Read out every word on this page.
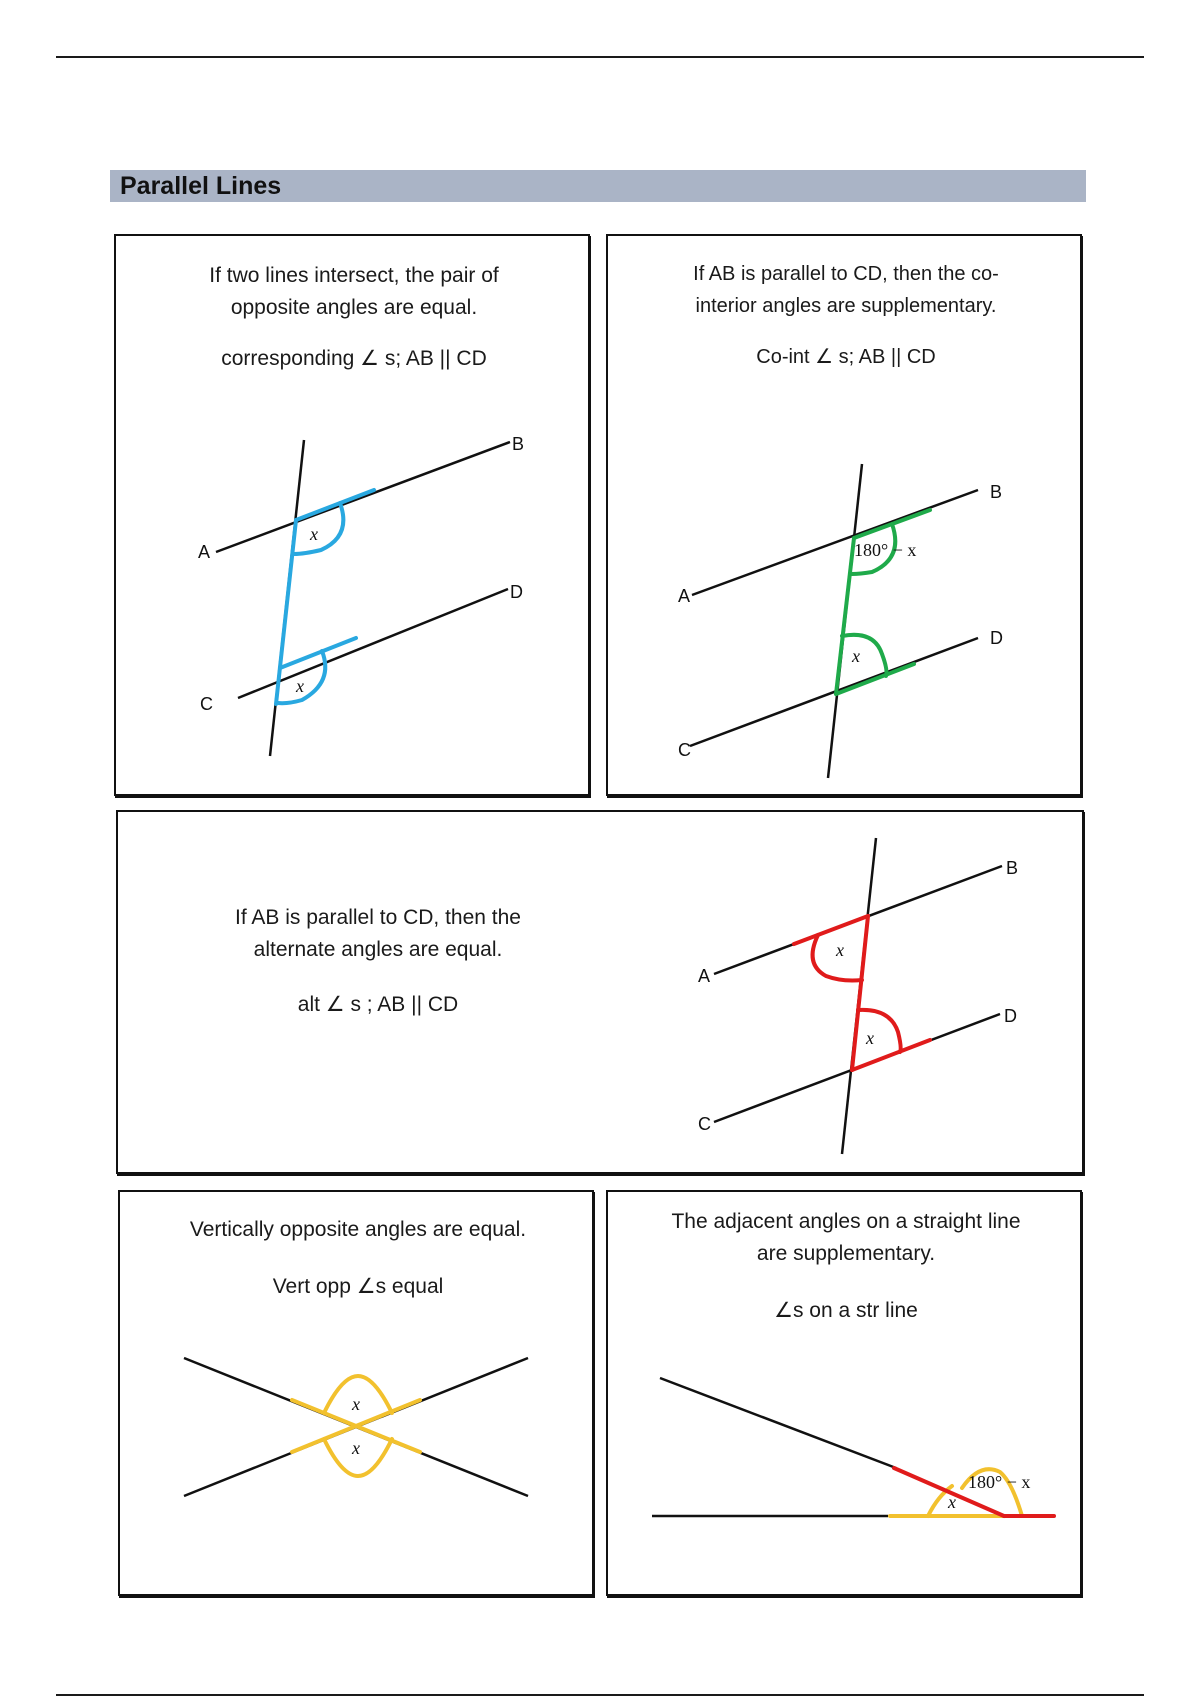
Parallel Lines
If two lines intersect, the pair of opposite angles are equal.
corresponding ∠ s; AB || CD
A
B
C
D
x
x
If AB is parallel to CD, then the co-interior angles are supplementary.
Co-int ∠ s; AB || CD
A
B
C
D
180° − x
x
If AB is parallel to CD, then the alternate angles are equal.
alt ∠ s ; AB || CD
A
B
C
D
x
x
Vertically opposite angles are equal.
Vert opp ∠s equal
x
x
The adjacent angles on a straight line are supplementary.
∠s on a str line
x
180° − x
